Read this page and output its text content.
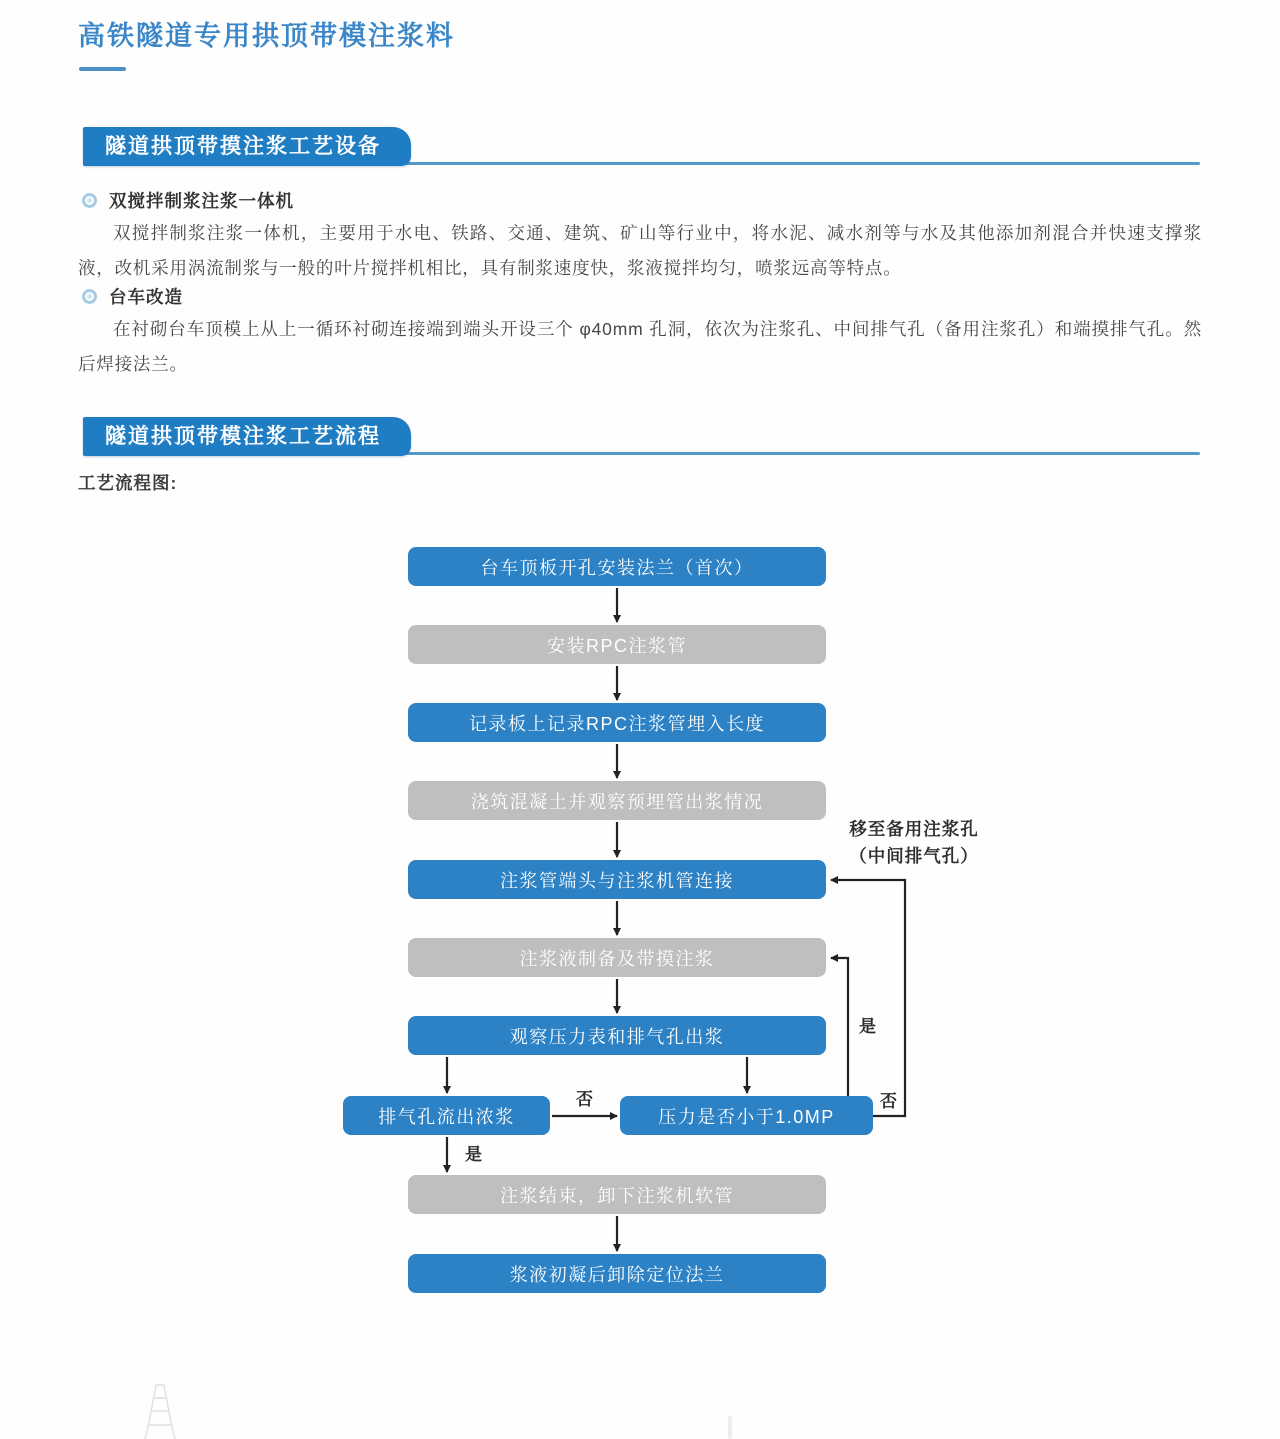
高铁隧道专用拱顶带模注浆料
隧道拱顶带摸注浆工艺设备
双搅拌制浆注浆一体机
双搅拌制浆注浆一体机，主要用于水电、铁路、交通、建筑、矿山等行业中，将水泥、减水剂等与水及其他添加剂混合并快速支撑浆液，改机采用涡流制浆与一般的叶片搅拌机相比，具有制浆速度快，浆液搅拌均匀，喷浆远高等特点。
台车改造
在衬砌台车顶模上从上一循环衬砌连接端到端头开设三个 φ40mm 孔洞，依次为注浆孔、中间排气孔（备用注浆孔）和端摸排气孔。然后焊接法兰。
隧道拱顶带模注浆工艺流程
工艺流程图:
台车顶板开孔安装法兰（首次）
安装RPC注浆管
记录板上记录RPC注浆管埋入长度
浇筑混凝土并观察预埋管出浆情况
注浆管端头与注浆机管连接
注浆液制备及带摸注浆
观察压力表和排气孔出浆
排气孔流出浓浆	压力是否小于1.0MP
注浆结束，卸下注浆机软管
浆液初凝后卸除定位法兰
否
是
是
否
移至备用注浆孔
（中间排气孔）
